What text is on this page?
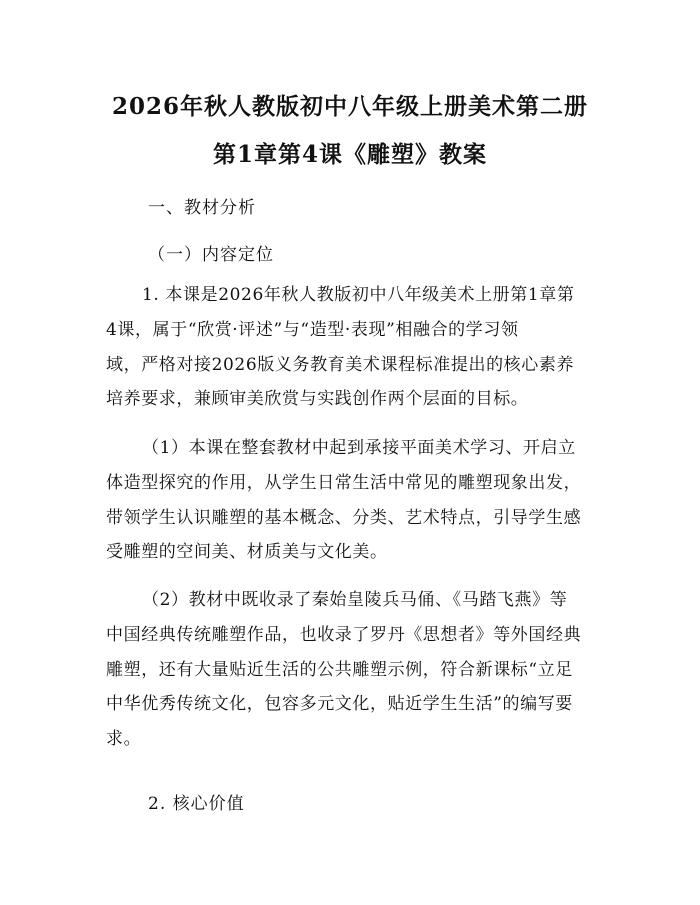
2026年秋人教版初中八年级上册美术第二册
第1章第4课《雕塑》教案
一、教材分析
（一）内容定位
1. 本课是2026年秋人教版初中八年级美术上册第1章第
4课，属于“欣赏·评述”与“造型·表现”相融合的学习领
域，严格对接2026版义务教育美术课程标准提出的核心素养
培养要求，兼顾审美欣赏与实践创作两个层面的目标。
（1）本课在整套教材中起到承接平面美术学习、开启立
体造型探究的作用，从学生日常生活中常见的雕塑现象出发，
带领学生认识雕塑的基本概念、分类、艺术特点，引导学生感
受雕塑的空间美、材质美与文化美。
（2）教材中既收录了秦始皇陵兵马俑、《马踏飞燕》等
中国经典传统雕塑作品，也收录了罗丹《思想者》等外国经典
雕塑，还有大量贴近生活的公共雕塑示例，符合新课标“立足
中华优秀传统文化，包容多元文化，贴近学生生活”的编写要
求。
2. 核心价值
